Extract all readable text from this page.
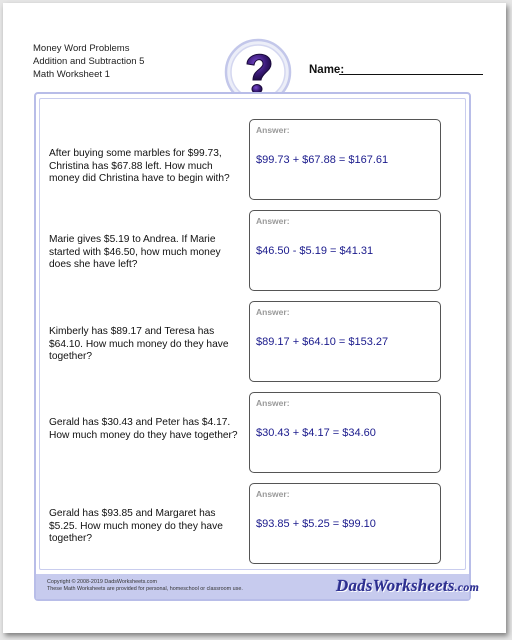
Money Word Problems
Addition and Subtraction 5
Math Worksheet 1	Name:
After buying some marbles for $99.73, Christina has $67.88 left. How much money did Christina have to begin with?
Answer:
$99.73 + $67.88 = $167.61
Marie gives $5.19 to Andrea. If Marie started with $46.50, how much money does she have left?
Answer:
$46.50 - $5.19 = $41.31
Kimberly has $89.17 and Teresa has $64.10. How much money do they have together?
Answer:
$89.17 + $64.10 = $153.27
Gerald has $30.43 and Peter has $4.17. How much money do they have together?
Answer:
$30.43 + $4.17 = $34.60
Gerald has $93.85 and Margaret has $5.25. How much money do they have together?
Answer:
$93.85 + $5.25 = $99.10
Copyright © 2008-2019 DadsWorksheets.com
These Math Worksheets are provided for personal, homeschool or classroom use.	DadsWorksheets.com
